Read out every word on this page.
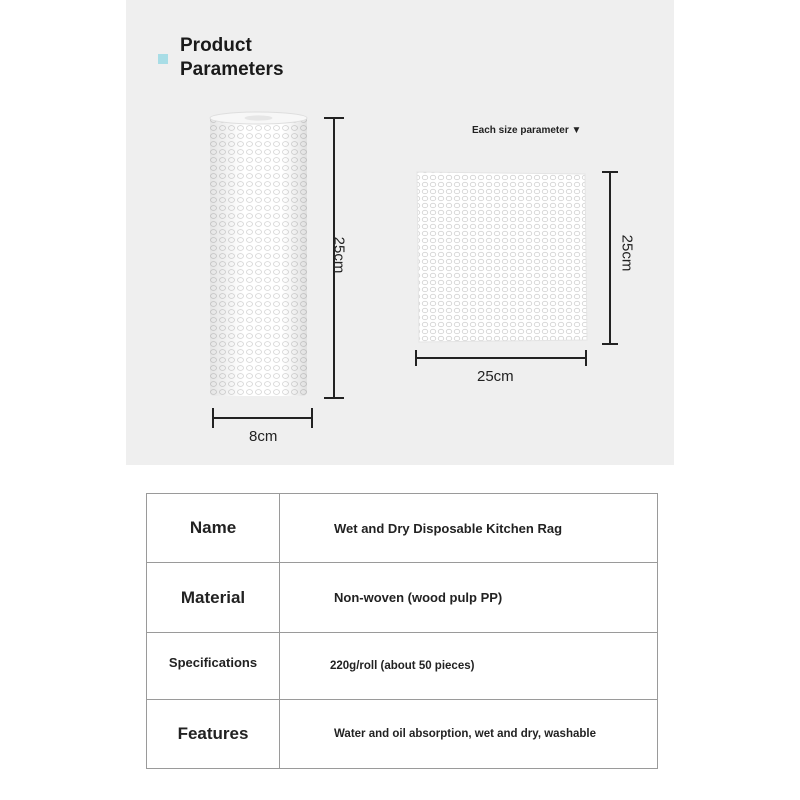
Product
Parameters
25cm
8cm
Each size parameter ▼
25cm
25cm
Name	Wet and Dry Disposable Kitchen Rag
Material	Non-woven (wood pulp PP)
Specifications	220g/roll (about 50 pieces)
Features	Water and oil absorption, wet and dry, washable
